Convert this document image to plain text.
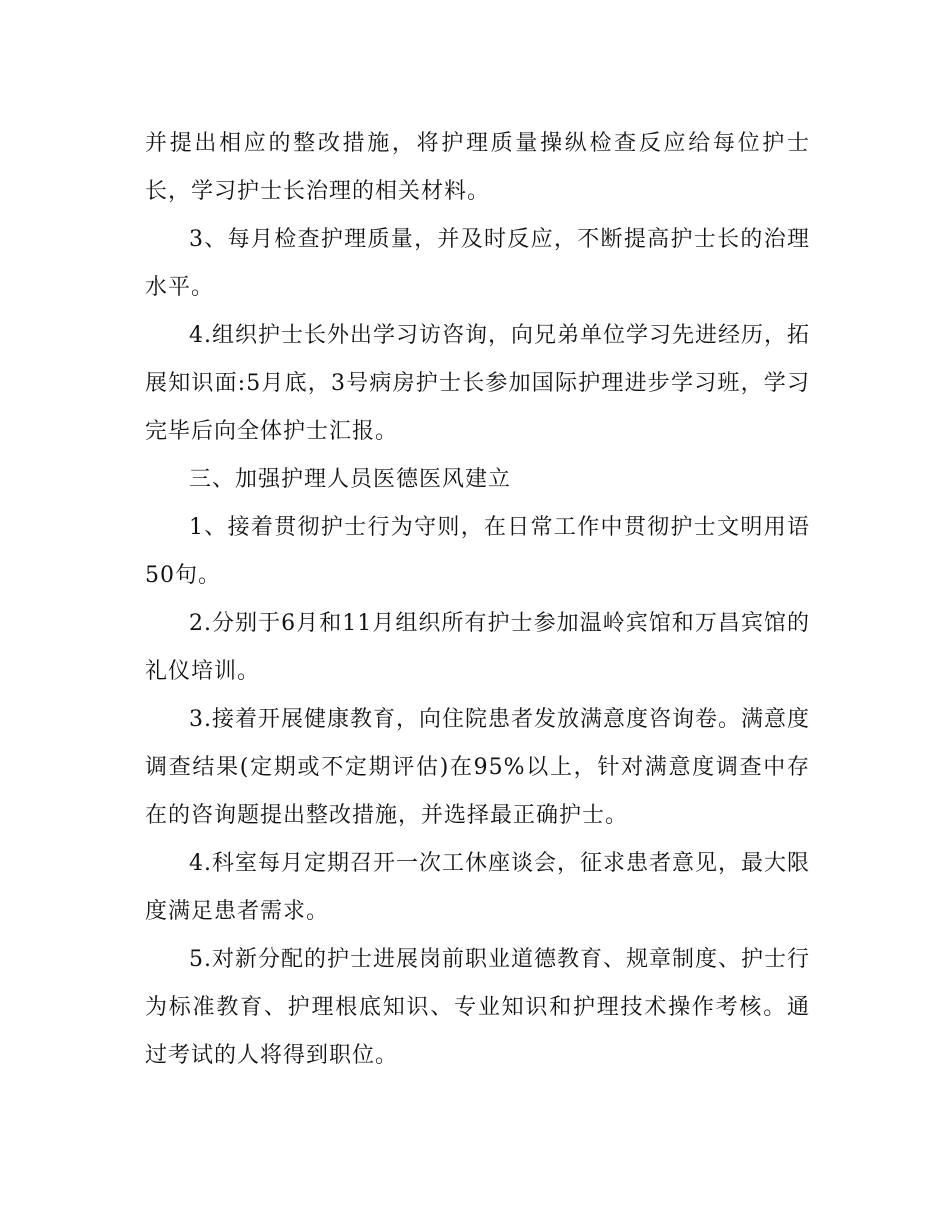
并提出相应的整改措施，将护理质量操纵检查反应给每位护士长，学习护士长治理的相关材料。

3、每月检查护理质量，并及时反应，不断提高护士长的治理水平。

4.组织护士长外出学习访咨询，向兄弟单位学习先进经历，拓展知识面:5月底，3号病房护士长参加国际护理进步学习班，学习完毕后向全体护士汇报。

三、加强护理人员医德医风建立

1、接着贯彻护士行为守则，在日常工作中贯彻护士文明用语50句。

2.分别于6月和11月组织所有护士参加温岭宾馆和万昌宾馆的礼仪培训。

3.接着开展健康教育，向住院患者发放满意度咨询卷。满意度调查结果(定期或不定期评估)在95%以上，针对满意度调查中存在的咨询题提出整改措施，并选择最正确护士。

4.科室每月定期召开一次工休座谈会，征求患者意见，最大限度满足患者需求。

5.对新分配的护士进展岗前职业道德教育、规章制度、护士行为标准教育、护理根底知识、专业知识和护理技术操作考核。通过考试的人将得到职位。
